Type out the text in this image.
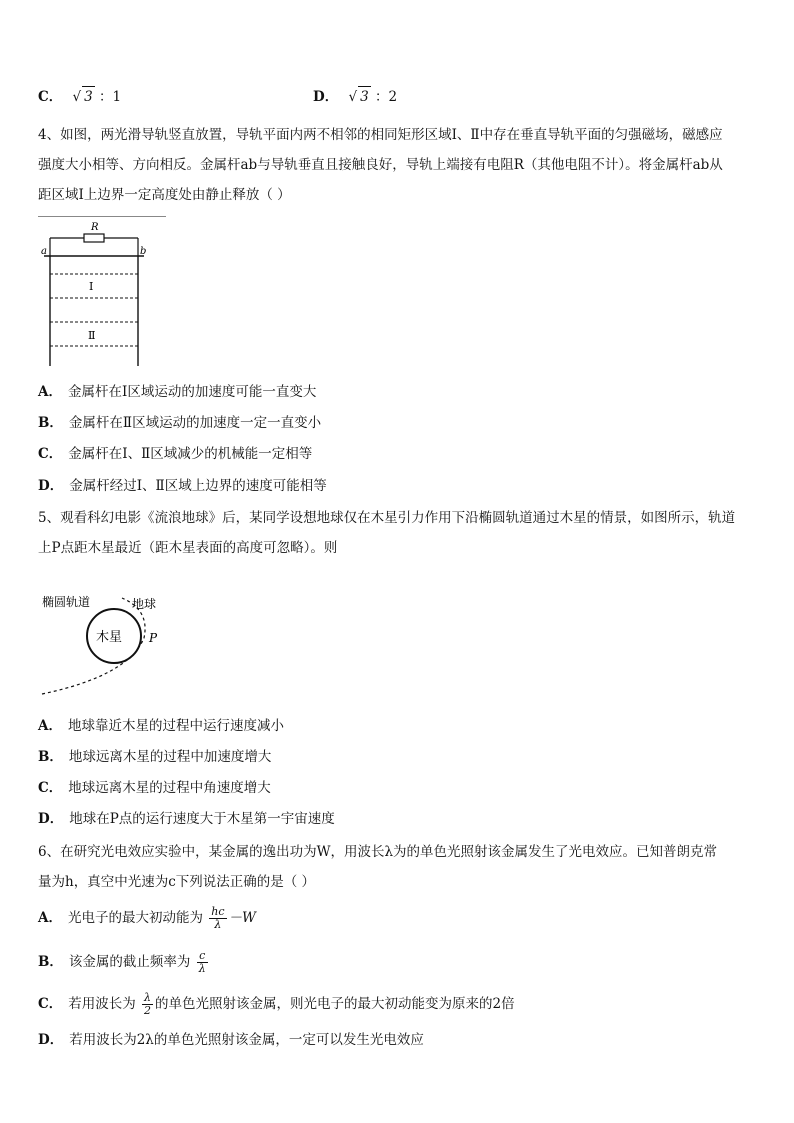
C． √ 3 ：1	D． √ 3 ：2
4、如图，两光滑导轨竖直放置，导轨平面内两不相邻的相同矩形区域Ⅰ、Ⅱ中存在垂直导轨平面的匀强磁场，磁感应
强度大小相等、方向相反。金属杆ab与导轨垂直且接触良好，导轨上端接有电阻R（其他电阻不计）。将金属杆ab从
距区域Ⅰ上边界一定高度处由静止释放（ ）
R
a	b
Ⅰ
Ⅱ
A． 金属杆在Ⅰ区域运动的加速度可能一直变大
B． 金属杆在Ⅱ区域运动的加速度一定一直变小
C． 金属杆在Ⅰ、Ⅱ区域减少的机械能一定相等
D． 金属杆经过Ⅰ、Ⅱ区域上边界的速度可能相等
5、观看科幻电影《流浪地球》后，某同学设想地球仅在木星引力作用下沿椭圆轨道通过木星的情景，如图所示，轨道
上P点距木星最近（距木星表面的高度可忽略）。则
木星
椭圆轨道	地球
P
A． 地球靠近木星的过程中运行速度减小
B． 地球远离木星的过程中加速度增大
C． 地球远离木星的过程中角速度增大
D． 地球在P点的运行速度大于木星第一宇宙速度
6、在研究光电效应实验中，某金属的逸出功为W，用波长λ为的单色光照射该金属发生了光电效应。已知普朗克常
量为h，真空中光速为c下列说法正确的是（ ）
A． 光电子的最大初动能为 $\frac{hc}{\lambda} -W$
B． 该金属的截止频率为 $\frac{c}{\lambda}$
C． 若用波长为 $\frac{\lambda}{2}$ 的单色光照射该金属，则光电子的最大初动能变为原来的2倍
D． 若用波长为2λ的单色光照射该金属，一定可以发生光电效应
